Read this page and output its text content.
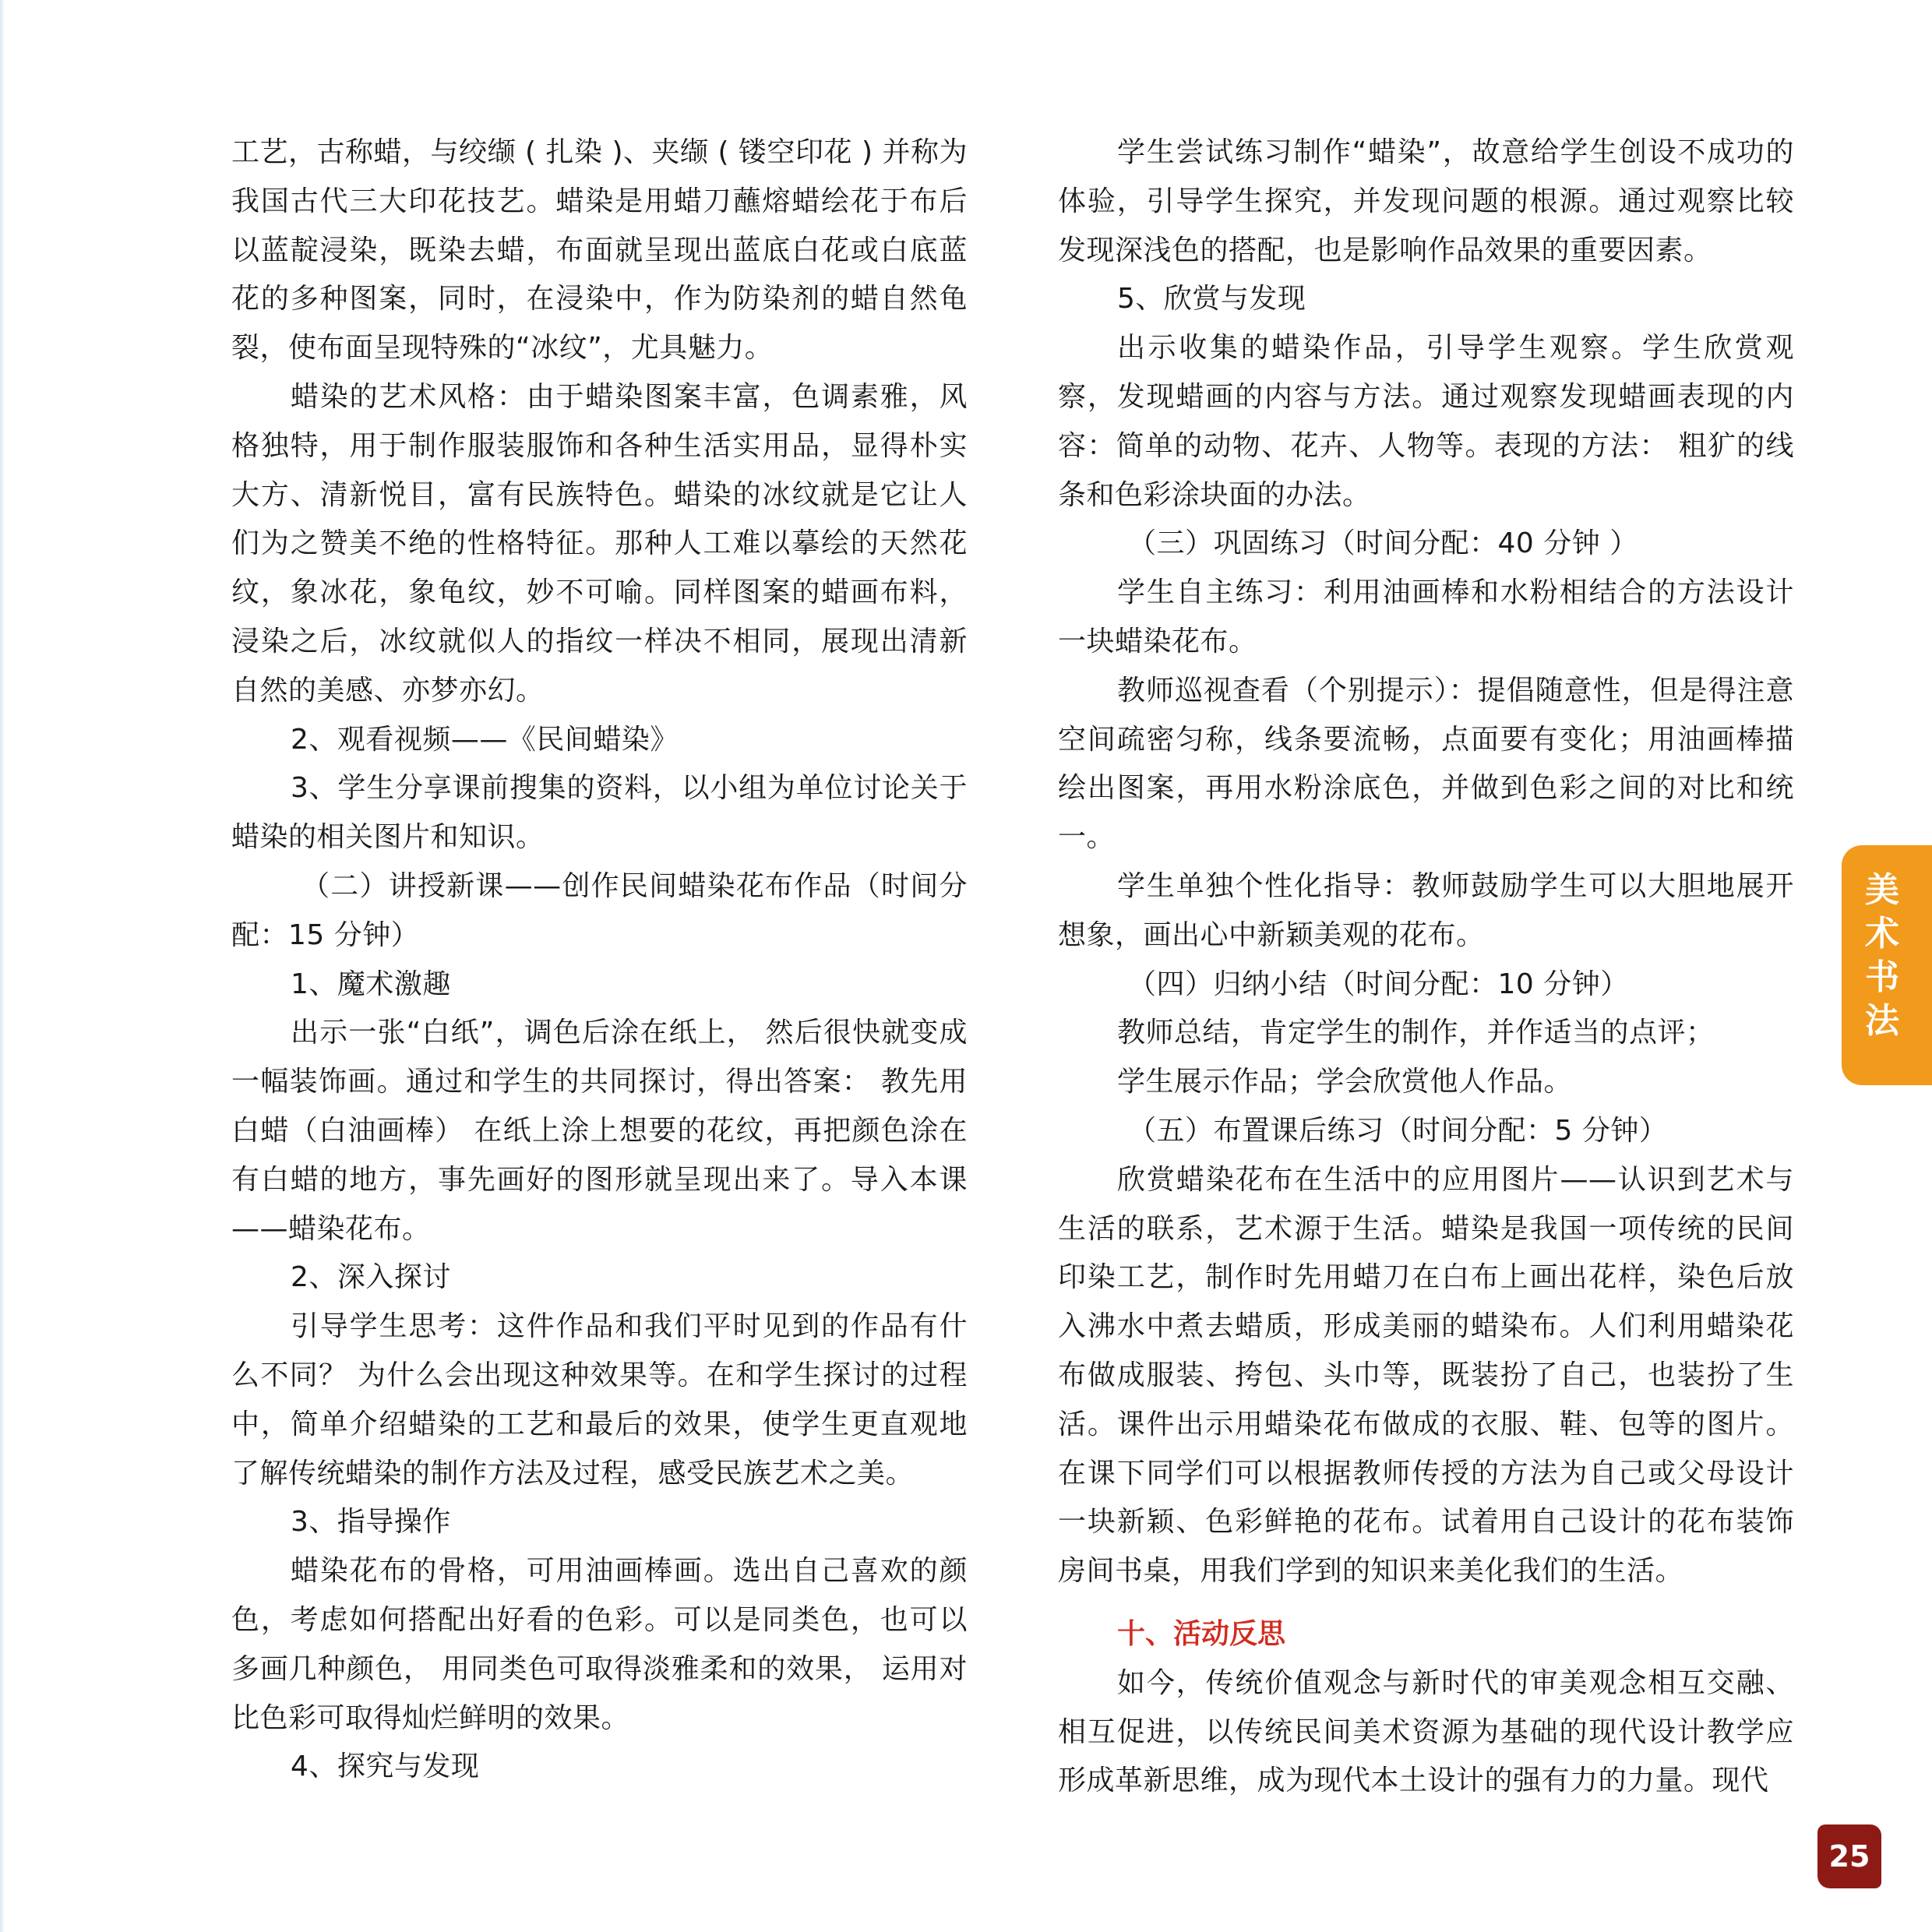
工艺，古称蜡，与绞缬 ( 扎染 )、夹缬 ( 镂空印花 ) 并称为我国古代三大印花技艺。蜡染是用蜡刀蘸熔蜡绘花于布后以蓝靛浸染，既染去蜡，布面就呈现出蓝底白花或白底蓝花的多种图案，同时，在浸染中，作为防染剂的蜡自然龟裂，使布面呈现特殊的“冰纹”，尤具魅力。

蜡染的艺术风格：由于蜡染图案丰富，色调素雅，风格独特，用于制作服装服饰和各种生活实用品，显得朴实大方、清新悦目，富有民族特色。蜡染的冰纹就是它让人们为之赞美不绝的性格特征。那种人工难以摹绘的天然花纹，象冰花，象龟纹，妙不可喻。同样图案的蜡画布料，浸染之后，冰纹就似人的指纹一样决不相同，展现出清新自然的美感、亦梦亦幻。

2、观看视频——《民间蜡染》

3、学生分享课前搜集的资料，以小组为单位讨论关于蜡染的相关图片和知识。

（二）讲授新课——创作民间蜡染花布作品（时间分配：15 分钟）

1、魔术激趣

出示一张“白纸”，调色后涂在纸上， 然后很快就变成一幅装饰画。通过和学生的共同探讨，得出答案： 教先用白蜡（白油画棒） 在纸上涂上想要的花纹，再把颜色涂在有白蜡的地方，事先画好的图形就呈现出来了。导入本课——蜡染花布。

2、深入探讨

引导学生思考：这件作品和我们平时见到的作品有什么不同？ 为什么会出现这种效果等。在和学生探讨的过程中，简单介绍蜡染的工艺和最后的效果，使学生更直观地了解传统蜡染的制作方法及过程，感受民族艺术之美。

3、指导操作

蜡染花布的骨格，可用油画棒画。选出自己喜欢的颜色，考虑如何搭配出好看的色彩。可以是同类色，也可以多画几种颜色， 用同类色可取得淡雅柔和的效果， 运用对比色彩可取得灿烂鲜明的效果。

4、探究与发现

学生尝试练习制作“蜡染”，故意给学生创设不成功的体验，引导学生探究，并发现问题的根源。通过观察比较发现深浅色的搭配，也是影响作品效果的重要因素。

5、欣赏与发现

出示收集的蜡染作品，引导学生观察。学生欣赏观察，发现蜡画的内容与方法。通过观察发现蜡画表现的内容：简单的动物、花卉、人物等。表现的方法： 粗犷的线条和色彩涂块面的办法。

（三）巩固练习（时间分配：40 分钟 ）

学生自主练习：利用油画棒和水粉相结合的方法设计一块蜡染花布。

教师巡视查看（个别提示）：提倡随意性，但是得注意空间疏密匀称，线条要流畅，点面要有变化；用油画棒描绘出图案，再用水粉涂底色，并做到色彩之间的对比和统一。

学生单独个性化指导：教师鼓励学生可以大胆地展开想象，画出心中新颖美观的花布。

（四）归纳小结（时间分配：10 分钟）

教师总结，肯定学生的制作，并作适当的点评；

学生展示作品；学会欣赏他人作品。

（五）布置课后练习（时间分配：5 分钟）

欣赏蜡染花布在生活中的应用图片——认识到艺术与生活的联系，艺术源于生活。蜡染是我国一项传统的民间印染工艺，制作时先用蜡刀在白布上画出花样，染色后放入沸水中煮去蜡质，形成美丽的蜡染布。人们利用蜡染花布做成服装、挎包、头巾等，既装扮了自己，也装扮了生活。课件出示用蜡染花布做成的衣服、鞋、包等的图片。在课下同学们可以根据教师传授的方法为自己或父母设计一块新颖、色彩鲜艳的花布。试着用自己设计的花布装饰房间书桌，用我们学到的知识来美化我们的生活。

十、活动反思

如今，传统价值观念与新时代的审美观念相互交融、相互促进，以传统民间美术资源为基础的现代设计教学应形成革新思维，成为现代本土设计的强有力的力量。现代

美
术
书
法
25
